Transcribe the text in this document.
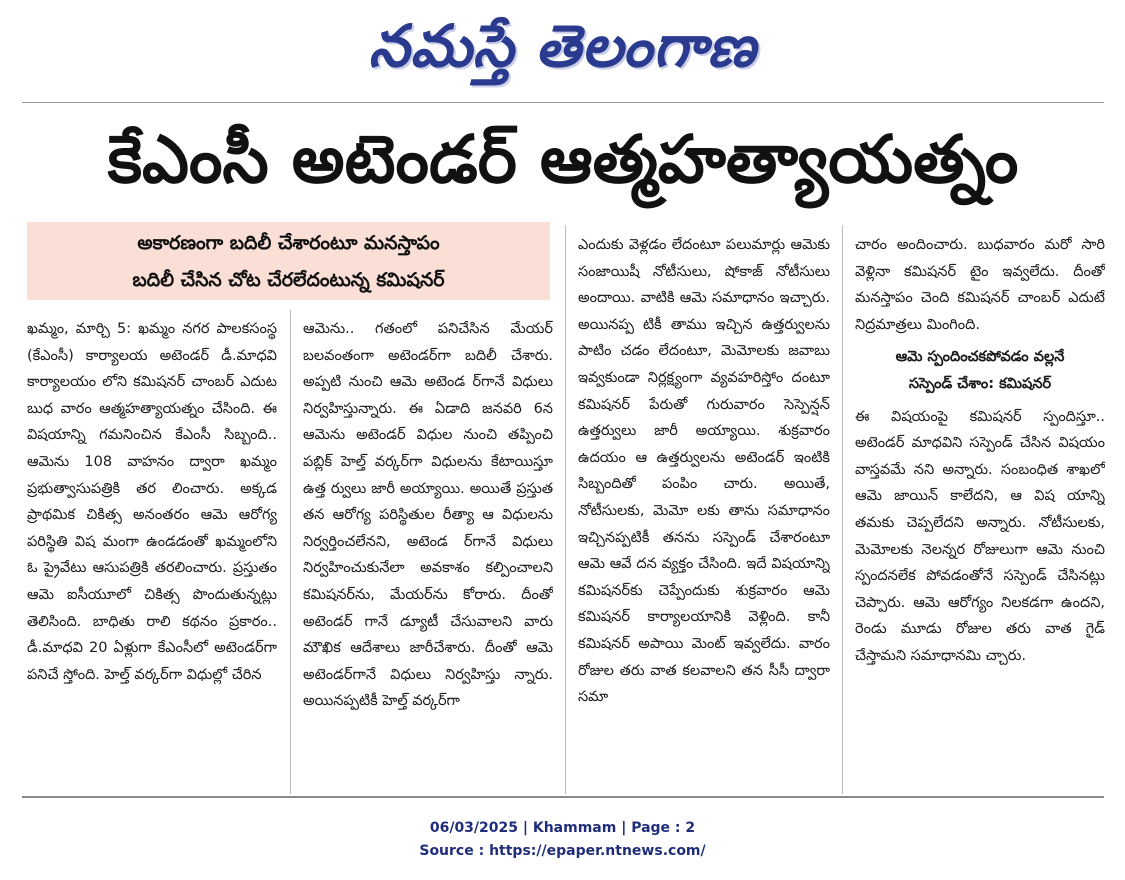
నమస్తే తెలంగాణ
కేఎంసీ అటెండర్ ఆత్మహత్యాయత్నం
అకారణంగా బదిలీ చేశారంటూ మనస్తాపం
బదిలీ చేసిన చోట చేరలేదంటున్న కమిషనర్

ఖమ్మం, మార్చి 5: ఖమ్మం నగర పాలకసంస్థ (కేఎంసీ) కార్యాలయ అటెండర్ డీ.మాధవి కార్యాలయం లోని కమిషనర్ చాంబర్ ఎదుట బుధ వారం ఆత్మహత్యాయత్నం చేసింది. ఈ విషయాన్ని గమనించిన కేఎంసీ సిబ్బంది.. ఆమెను 108 వాహనం ద్వారా ఖమ్మం ప్రభుత్వాసుపత్రికి తర లించారు. అక్కడ ప్రాథమిక చికిత్స అనంతరం ఆమె ఆరోగ్య పరిస్థితి విష మంగా ఉండడంతో ఖమ్మంలోని ఓ ప్రైవేటు ఆసుపత్రికి తరలించారు. ప్రస్తుతం ఆమె ఐసీయూలో చికిత్స పొందుతున్నట్లు తెలిసింది. బాధితు రాలి కథనం ప్రకారం.. డీ.మాధవి 20 ఏళ్లుగా కేఎంసీలో అటెండర్‌గా పనిచే స్తోంది. హెల్త్ వర్కర్‌గా విధుల్లో చేరిన

ఆమెను.. గతంలో పనిచేసిన మేయర్ బలవంతంగా అటెండర్‌గా బదిలీ చేశారు. అప్పటి నుంచి ఆమె అటెండ ర్‌గానే విధులు నిర్వహిస్తున్నారు. ఈ ఏడాది జనవరి 6న ఆమెను అటెండర్ విధుల నుంచి తప్పించి పబ్లిక్ హెల్త్ వర్కర్‌గా విధులను కేటాయిస్తూ ఉత్త ర్వులు జారీ అయ్యాయి. అయితే ప్రస్తుత తన ఆరోగ్య పరిస్థితుల రీత్యా ఆ విధులను నిర్వర్తించలేనని, అటెండ ర్‌గానే విధులు నిర్వహించుకునేలా అవకాశం కల్పించాలని కమిషనర్‌ను, మేయర్‌ను కోరారు. దీంతో అటెండర్ గానే డ్యూటీ చేసువాలని వారు మౌఖిక ఆదేశాలు జారీచేశారు. దీంతో ఆమె అటెండర్‌గానే విధులు నిర్వహిస్తు న్నారు. అయినప్పటికీ హెల్త్ వర్కర్‌గా

ఎందుకు వెళ్లడం లేదంటూ పలుమార్లు ఆమెకు సంజాయిషీ నోటీసులు, షోకాజ్ నోటీసులు అందాయి. వాటికి ఆమె సమాధానం ఇచ్చారు. అయినప్ప టికీ తాము ఇచ్చిన ఉత్తర్వులను పాటిం చడం లేదంటూ, మెమోలకు జవాబు ఇవ్వకుండా నిర్లక్ష్యంగా వ్యవహరిస్తోం దంటూ కమిషనర్ పేరుతో గురువారం సెస్పెన్షన్ ఉత్తర్వులు జారీ అయ్యాయి. శుక్రవారం ఉదయం ఆ ఉత్తర్వులను అటెండర్ ఇంటికి సిబ్బందితో పంపిం చారు. అయితే, నోటీసులకు, మెమో లకు తాను సమాధానం ఇచ్చినప్పటికీ తనను సస్పెండ్ చేశారంటూ ఆమె ఆవే దన వ్యక్తం చేసింది. ఇదే విషయాన్ని కమిషనర్‌కు చెప్పేందుకు శుక్రవారం ఆమె కమిషనర్ కార్యాలయానికి వెళ్లింది. కానీ కమిషనర్ అపాయి మెంట్ ఇవ్వలేదు. వారం రోజుల తరు వాత కలవాలని తన సీసీ ద్వారా సమా

చారం అందించారు. బుధవారం మరో సారి వెళ్లినా కమిషనర్ టైం ఇవ్వలేదు. దీంతో మనస్తాపం చెంది కమిషనర్ చాంబర్ ఎదుటే నిద్రమాత్రలు మింగింది.

ఆమె స్పందించకపోవడం వల్లనే
సస్పెండ్ చేశాం: కమిషనర్

ఈ విషయంపై కమిషనర్ స్పందిస్తూ.. అటెండర్ మాధవిని సస్పెండ్ చేసిన విషయం వాస్తవమే నని అన్నారు. సంబంధిత శాఖలో ఆమె జాయిన్ కాలేదని, ఆ విష యాన్ని తమకు చెప్పలేదని అన్నారు. నోటీసులకు, మెమోలకు నెలన్నర రోజులుగా ఆమె నుంచి స్పందనలేక పోవడంతోనే సస్పెండ్ చేసినట్లు చెప్పారు. ఆమె ఆరోగ్యం నిలకడగా ఉందని, రెండు మూడు రోజుల తరు వాత గైడ్ చేస్తామని సమాధానమి చ్చారు.

06/03/2025 | Khammam | Page : 2
Source : https://epaper.ntnews.com/
